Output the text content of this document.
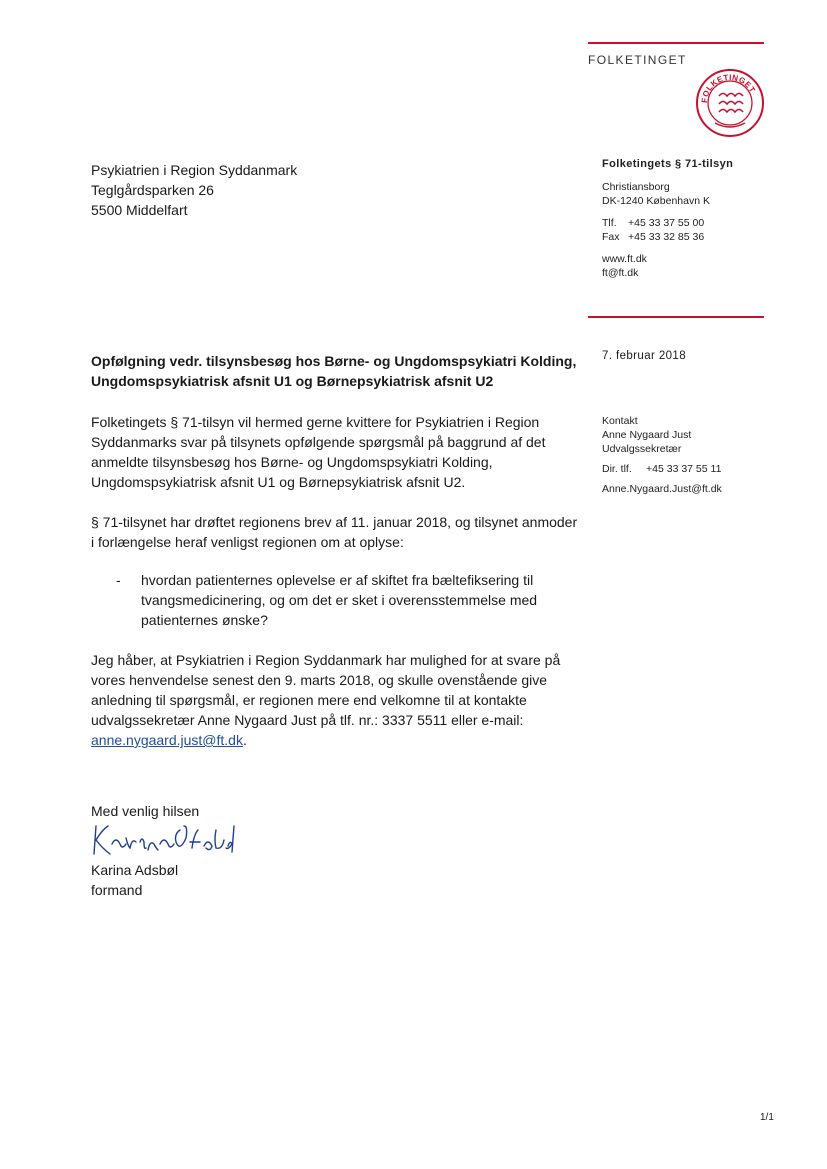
FOLKETINGET
FOLKETINGET
Psykiatrien i Region Syddanmark
Teglgårdsparken 26
5500 Middelfart
Folketingets § 71-tilsyn
Christiansborg
DK-1240 København K
Tlf.	+45 33 37 55 00
Fax +45 33 32 85 36
www.ft.dk
ft@ft.dk
7. februar 2018
Opfølgning vedr. tilsynsbesøg hos Børne- og Ungdomspsykiatri Kolding, Ungdomspsykiatrisk afsnit U1 og Børnepsykiatrisk afsnit U2
Folketingets § 71-tilsyn vil hermed gerne kvittere for Psykiatrien i Region Syddanmarks svar på tilsynets opfølgende spørgsmål på baggrund af det anmeldte tilsynsbesøg hos Børne- og Ungdomspsykiatri Kolding, Ungdomspsykiatrisk afsnit U1 og Børnepsykiatrisk afsnit U2.
§ 71-tilsynet har drøftet regionens brev af 11. januar 2018, og tilsynet anmoder i forlængelse heraf venligst regionen om at oplyse:
-	hvordan patienternes oplevelse er af skiftet fra bæltefiksering til tvangsmedicinering, og om det er sket i overensstemmelse med patienternes ønske?
Jeg håber, at Psykiatrien i Region Syddanmark har mulighed for at svare på vores henvendelse senest den 9. marts 2018, og skulle ovenstående give anledning til spørgsmål, er regionen mere end velkomne til at kontakte udvalgssekretær Anne Nygaard Just på tlf. nr.: 3337 5511 eller e-mail: anne.nygaard.just@ft.dk.
Kontakt
Anne Nygaard Just
Udvalgssekretær
Dir. tlf.	+45 33 37 55 11
Anne.Nygaard.Just@ft.dk
Med venlig hilsen
Karina Adsbøl
formand
1/1
